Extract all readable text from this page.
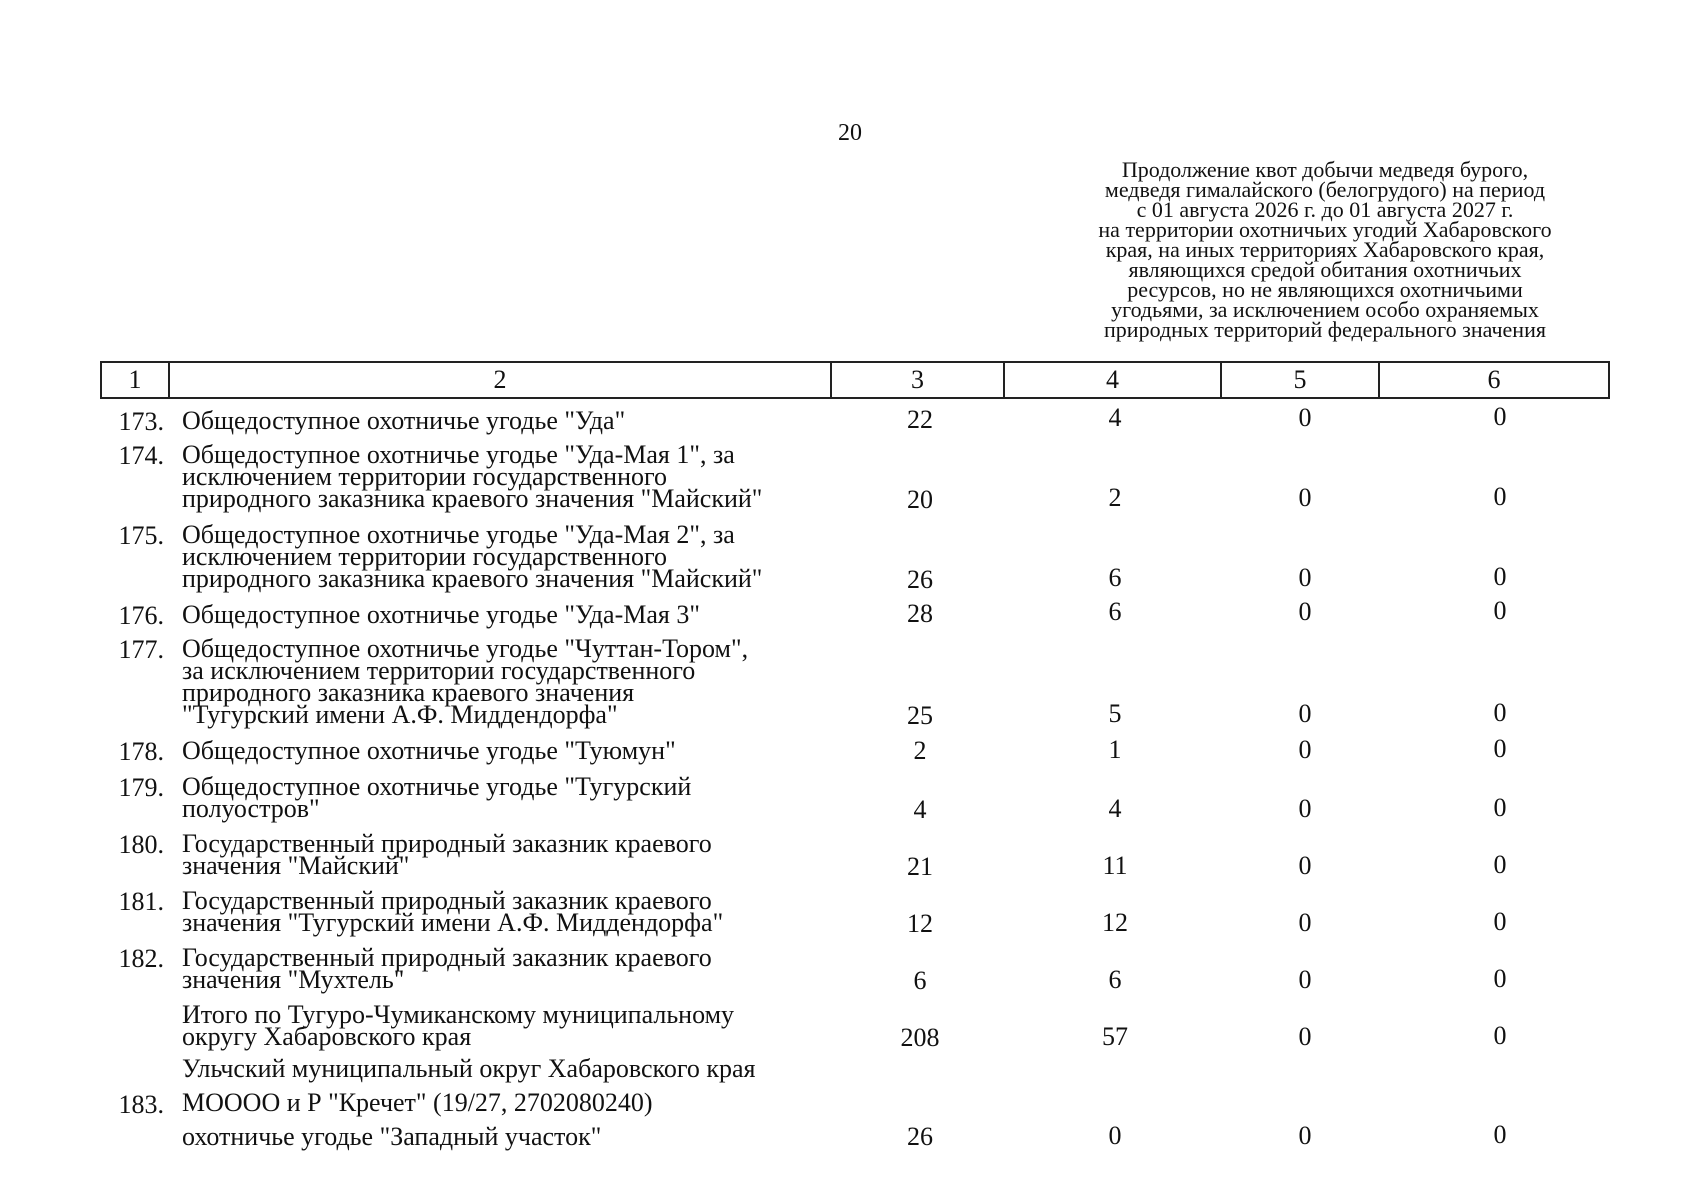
20
Продолжение квот добычи медведя бурого,
медведя гималайского (белогрудого) на период
с 01 августа 2026 г. до 01 августа 2027 г.
на территории охотничьих угодий Хабаровского
края, на иных территориях Хабаровского края,
являющихся средой обитания охотничьих
ресурсов, но не являющихся охотничьими
угодьями, за исключением особо охраняемых
природных территорий федерального значения
1	2	3	4	5	6
173. Общедоступное охотничье угодье "Уда"	22	4	0	0
174. Общедоступное охотничье угодье "Уда-Мая 1", за
исключением территории государственного
природного заказника краевого значения "Майский"	20	2	0	0
175. Общедоступное охотничье угодье "Уда-Мая 2", за
исключением территории государственного
природного заказника краевого значения "Майский"	26	6	0	0
176. Общедоступное охотничье угодье "Уда-Мая 3"	28	6	0	0
177. Общедоступное охотничье угодье "Чуттан-Тором",
за исключением территории государственного
природного заказника краевого значения
"Тугурский имени А.Ф. Миддендорфа"	25	5	0	0
178. Общедоступное охотничье угодье "Туюмун"	2	1	0	0
179. Общедоступное охотничье угодье "Тугурский
полуостров"	4	4	0	0
180. Государственный природный заказник краевого
значения "Майский"	21	11	0	0
181. Государственный природный заказник краевого
значения "Тугурский имени А.Ф. Миддендорфа"	12	12	0	0
182. Государственный природный заказник краевого
значения "Мухтель"	6	6	0	0
Итого по Тугуро-Чумиканскому муниципальному
округу Хабаровского края	208	57	0	0
Ульчский муниципальный округ Хабаровского края
183. МОООО и Р "Кречет" (19/27, 2702080240)
охотничье угодье "Западный участок"	26	0	0	0
